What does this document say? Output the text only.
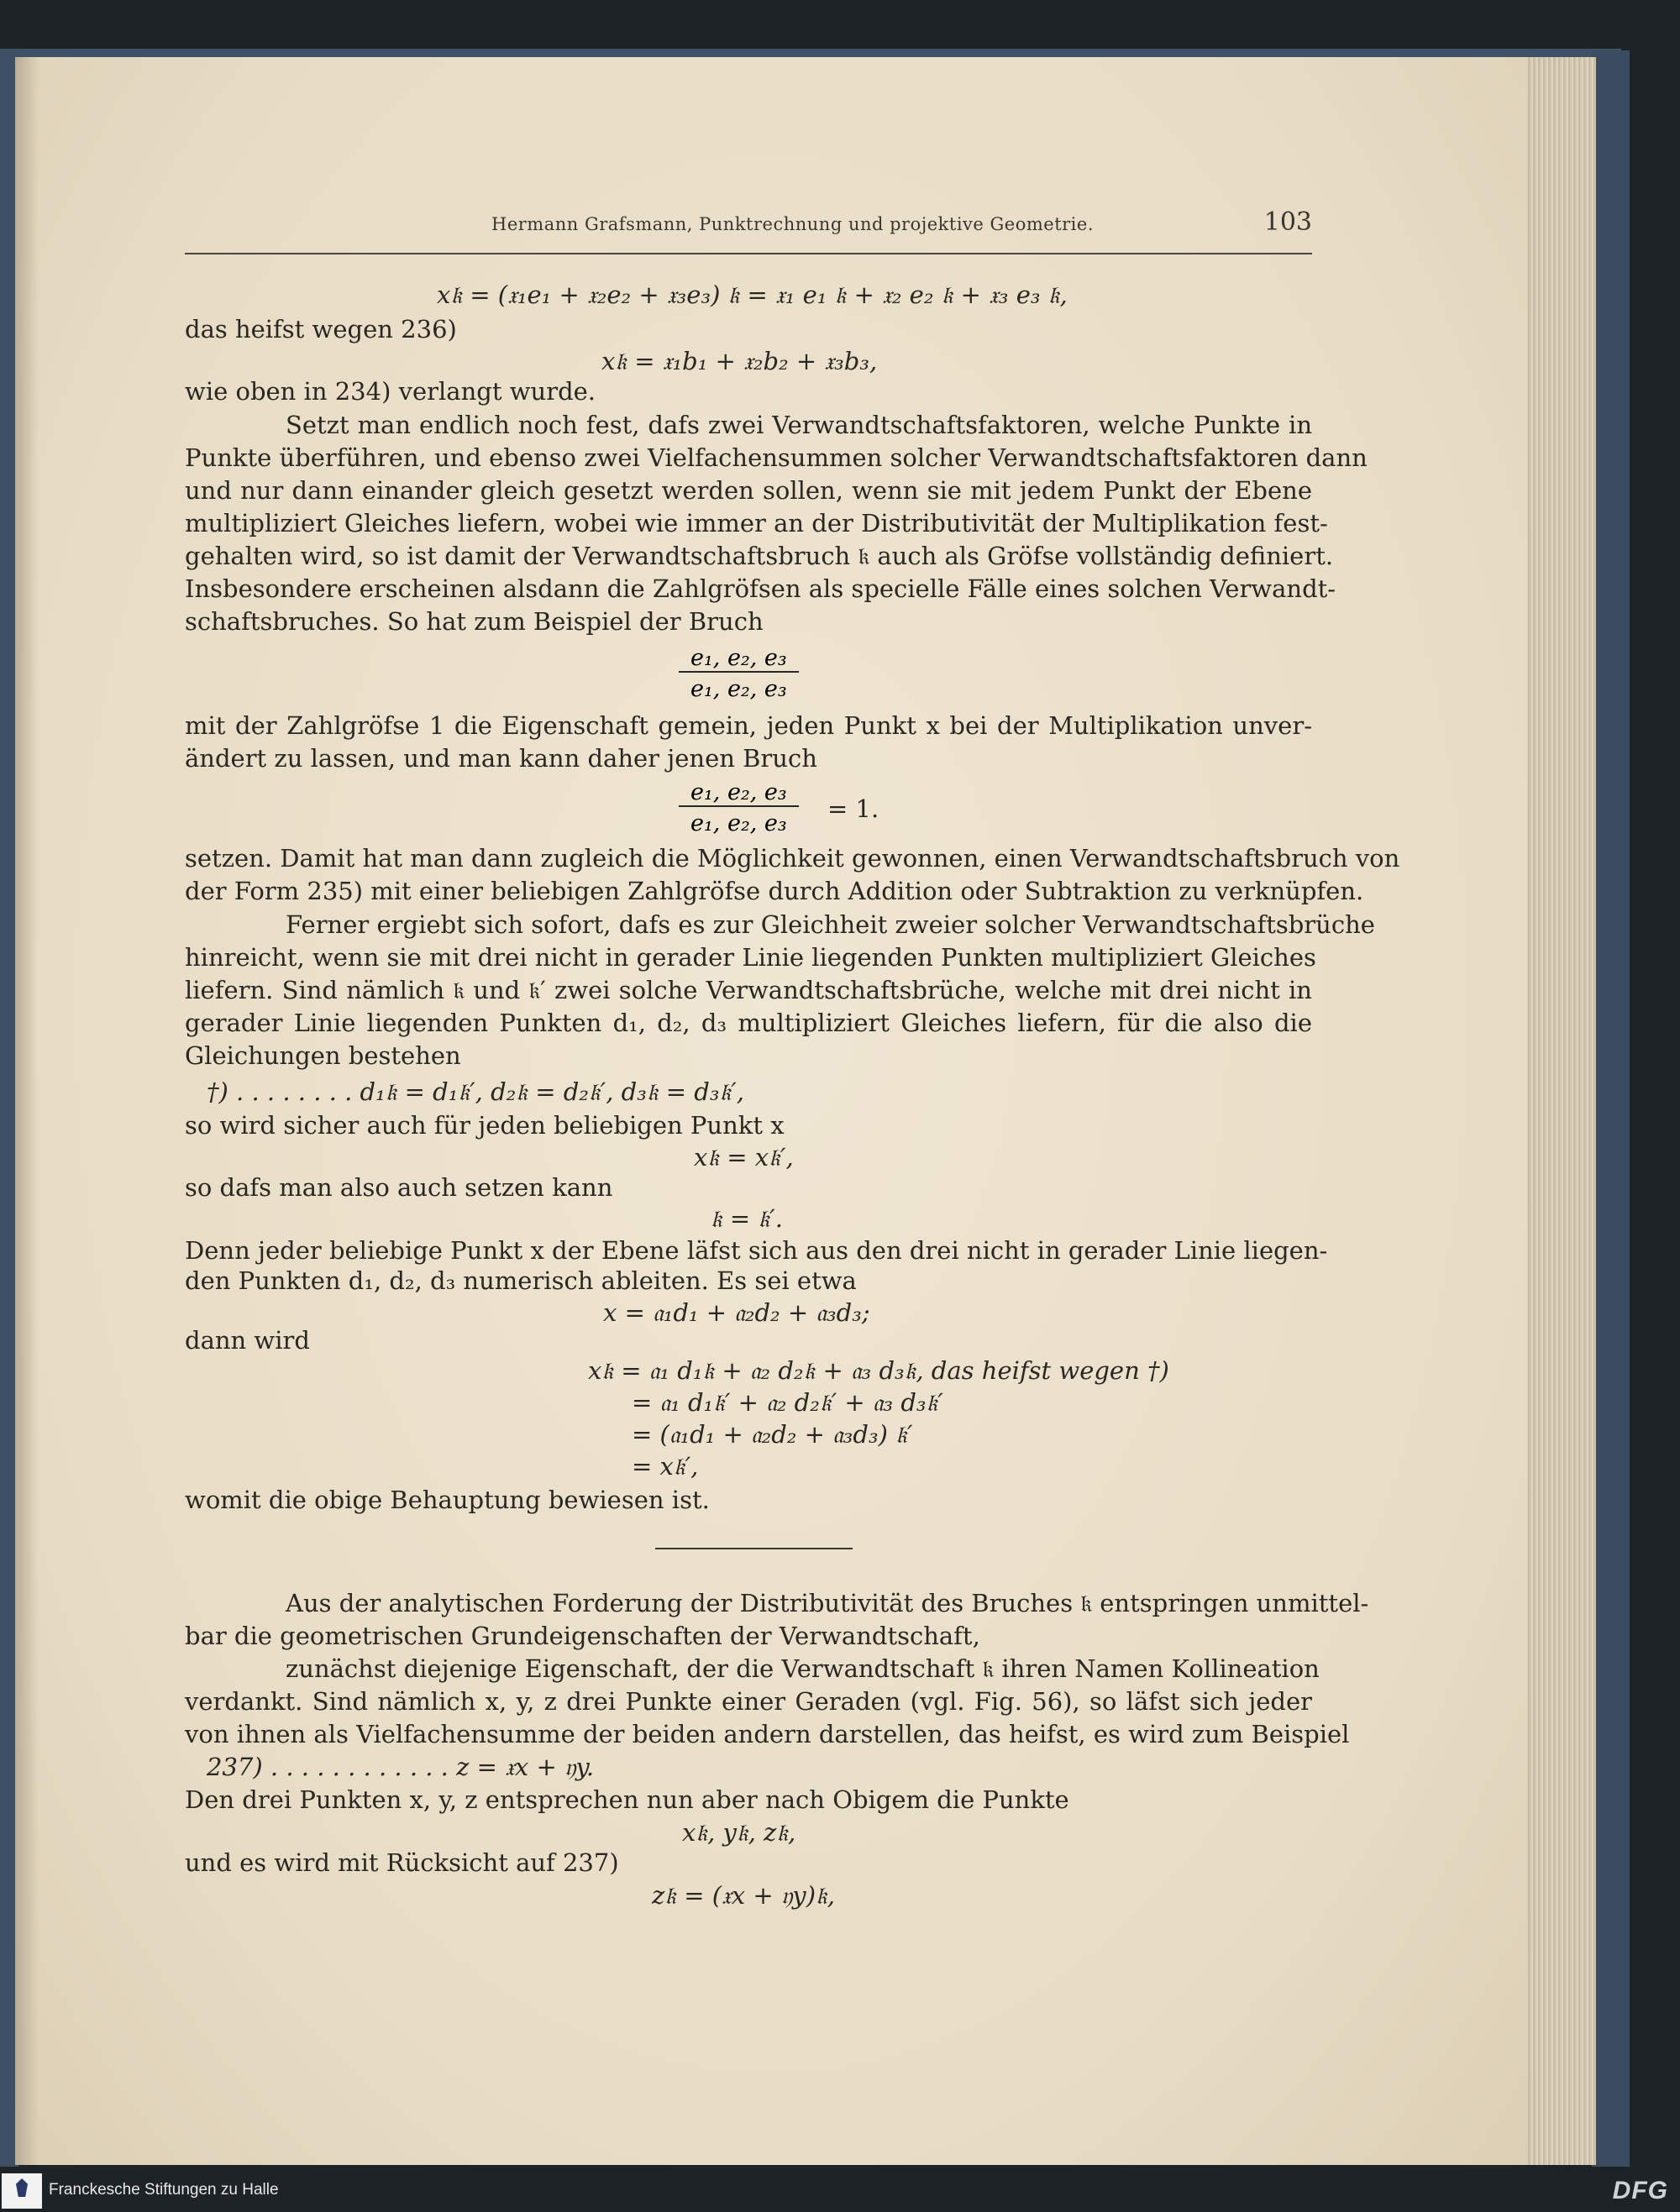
Hermann Grafsmann, Punktrechnung und projektive Geometrie.	103
x𝔨 = (𝔵₁e₁ + 𝔵₂e₂ + 𝔵₃e₃) 𝔨 = 𝔵₁ e₁ 𝔨 + 𝔵₂ e₂ 𝔨 + 𝔵₃ e₃ 𝔨,
das heifst wegen 236)
x𝔨 = 𝔵₁b₁ + 𝔵₂b₂ + 𝔵₃b₃,
wie oben in 234) verlangt wurde.
Setzt man endlich noch fest, dafs zwei Verwandtschaftsfaktoren, welche Punkte in
Punkte überführen, und ebenso zwei Vielfachensummen solcher Verwandtschaftsfaktoren dann
und nur dann einander gleich gesetzt werden sollen, wenn sie mit jedem Punkt der Ebene
multipliziert Gleiches liefern, wobei wie immer an der Distributivität der Multiplikation fest-
gehalten wird, so ist damit der Verwandtschaftsbruch 𝔨 auch als Gröfse vollständig definiert.
Insbesondere erscheinen alsdann die Zahlgröfsen als specielle Fälle eines solchen Verwandt-
schaftsbruches. So hat zum Beispiel der Bruch
$\frac{\text{e₁, e₂, e₃}}{\text{e₁, e₂, e₃}}$
mit der Zahlgröfse 1 die Eigenschaft gemein, jeden Punkt x bei der Multiplikation unver-
ändert zu lassen, und man kann daher jenen Bruch
$\frac{\text{e₁, e₂, e₃}}{\text{e₁, e₂, e₃}} = 1$.
setzen. Damit hat man dann zugleich die Möglichkeit gewonnen, einen Verwandtschaftsbruch von
der Form 235) mit einer beliebigen Zahlgröfse durch Addition oder Subtraktion zu verknüpfen.
Ferner ergiebt sich sofort, dafs es zur Gleichheit zweier solcher Verwandtschaftsbrüche
hinreicht, wenn sie mit drei nicht in gerader Linie liegenden Punkten multipliziert Gleiches
liefern. Sind nämlich 𝔨 und 𝔨′ zwei solche Verwandtschaftsbrüche, welche mit drei nicht in
gerader Linie liegenden Punkten d₁, d₂, d₃ multipliziert Gleiches liefern, für die also die
Gleichungen bestehen
†) . . . . . . . . d₁𝔨 = d₁𝔨′, d₂𝔨 = d₂𝔨′, d₃𝔨 = d₃𝔨′,
so wird sicher auch für jeden beliebigen Punkt x
x𝔨 = x𝔨′,
so dafs man also auch setzen kann
𝔨 = 𝔨′.
Denn jeder beliebige Punkt x der Ebene läfst sich aus den drei nicht in gerader Linie liegen-
den Punkten d₁, d₂, d₃ numerisch ableiten. Es sei etwa
x = 𝔞₁d₁ + 𝔞₂d₂ + 𝔞₃d₃;
dann wird
x𝔨 = 𝔞₁ d₁𝔨 + 𝔞₂ d₂𝔨 + 𝔞₃ d₃𝔨, das heifst wegen †)
= 𝔞₁ d₁𝔨′ + 𝔞₂ d₂𝔨′ + 𝔞₃ d₃𝔨′
= (𝔞₁d₁ + 𝔞₂d₂ + 𝔞₃d₃) 𝔨′
= x𝔨′,
womit die obige Behauptung bewiesen ist.
Aus der analytischen Forderung der Distributivität des Bruches 𝔨 entspringen unmittel-
bar die geometrischen Grundeigenschaften der Verwandtschaft,
zunächst diejenige Eigenschaft, der die Verwandtschaft 𝔨 ihren Namen Kollineation
verdankt. Sind nämlich x, y, z drei Punkte einer Geraden (vgl. Fig. 56), so läfst sich jeder
von ihnen als Vielfachensumme der beiden andern darstellen, das heifst, es wird zum Beispiel
237) . . . . . . . . . . . . z = 𝔵x + 𝔶y.
Den drei Punkten x, y, z entsprechen nun aber nach Obigem die Punkte
x𝔨, y𝔨, z𝔨,
und es wird mit Rücksicht auf 237)
z𝔨 = (𝔵x + 𝔶y)𝔨,
Franckesche Stiftungen zu Halle	DFG
